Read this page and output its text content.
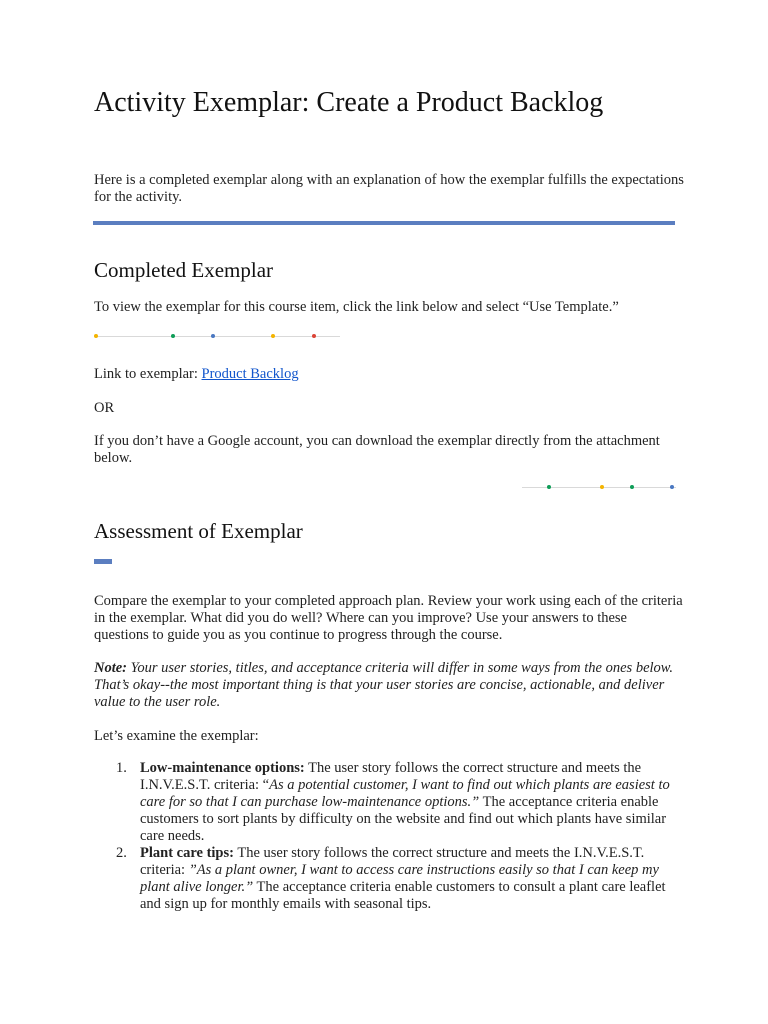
Activity Exemplar: Create a Product Backlog

Here is a completed exemplar along with an explanation of how the exemplar fulfills the expectations for the activity.

Completed Exemplar

To view the exemplar for this course item, click the link below and select “Use Template.”

Link to exemplar: Product Backlog

OR

If you don’t have a Google account, you can download the exemplar directly from the attachment below.

Assessment of Exemplar

Compare the exemplar to your completed approach plan. Review your work using each of the criteria in the exemplar. What did you do well? Where can you improve? Use your answers to these questions to guide you as you continue to progress through the course.

Note: Your user stories, titles, and acceptance criteria will differ in some ways from the ones below. That’s okay--the most important thing is that your user stories are concise, actionable, and deliver value to the user role.

Let’s examine the exemplar:

1. Low-maintenance options: The user story follows the correct structure and meets the I.N.V.E.S.T. criteria: “As a potential customer, I want to find out which plants are easiest to care for so that I can purchase low-maintenance options.” The acceptance criteria enable customers to sort plants by difficulty on the website and find out which plants have similar care needs.
2. Plant care tips: The user story follows the correct structure and meets the I.N.V.E.S.T. criteria: ”As a plant owner, I want to access care instructions easily so that I can keep my plant alive longer.” The acceptance criteria enable customers to consult a plant care leaflet and sign up for monthly emails with seasonal tips.
